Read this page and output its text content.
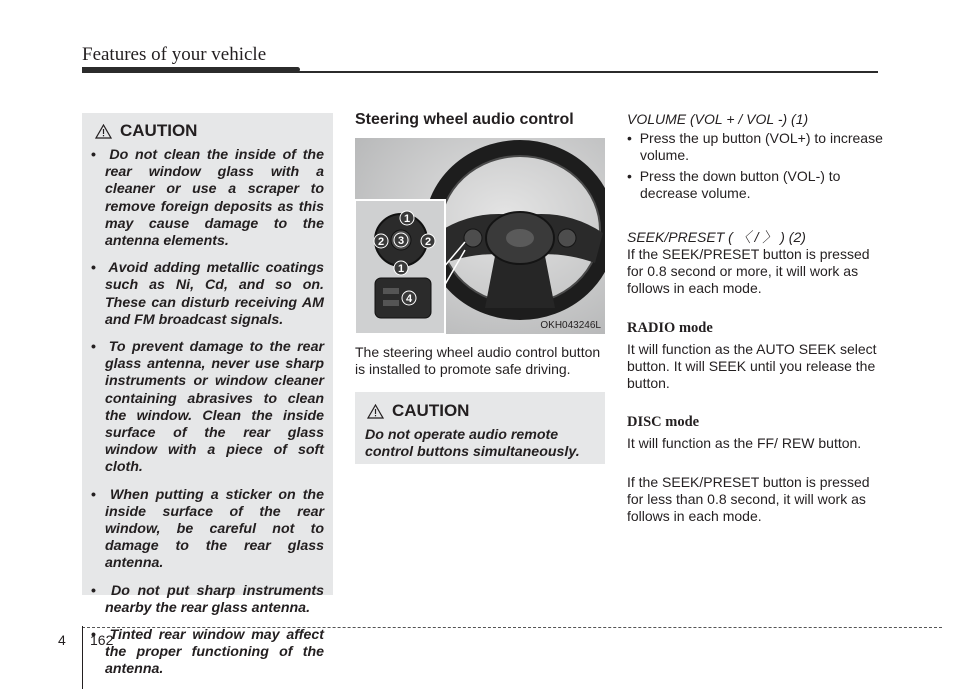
Features of your vehicle
CAUTION
•  Do not clean the inside of the rear window glass with a cleaner or use a scraper to remove foreign deposits as this may cause damage to the antenna elements.
•  Avoid adding metallic coatings such as Ni, Cd, and so on. These can disturb receiving AM and FM broadcast signals.
•  To prevent damage to the rear glass antenna, never use sharp instruments or window cleaner containing abrasives to clean the window. Clean the inside surface of the rear glass window with a piece of soft cloth.
•  When putting a sticker on the inside surface of the rear window, be careful not to damage to the rear glass antenna.
•  Do not put sharp instruments nearby the rear glass antenna.
•  Tinted rear window may affect the proper functioning of the antenna.
Steering wheel audio control
1
2 3 2
1
4
OKH043246L
The steering wheel audio control button is installed to promote safe driving.
CAUTION
Do not operate audio remote control buttons simultaneously.
VOLUME (VOL + / VOL -) (1)
•  Press the up button (VOL+) to increase volume.
•  Press the down button (VOL-) to decrease volume.
SEEK/PRESET ( 〈 / 〉 ) (2)
If the SEEK/PRESET button is pressed for 0.8 second or more, it will work as follows in each mode.
RADIO mode
It will function as the AUTO SEEK select button. It will SEEK until you release the button.
DISC mode
It will function as the FF/ REW button.
If the SEEK/PRESET button is pressed for less than 0.8 second, it will work as follows in each mode.
4 162
